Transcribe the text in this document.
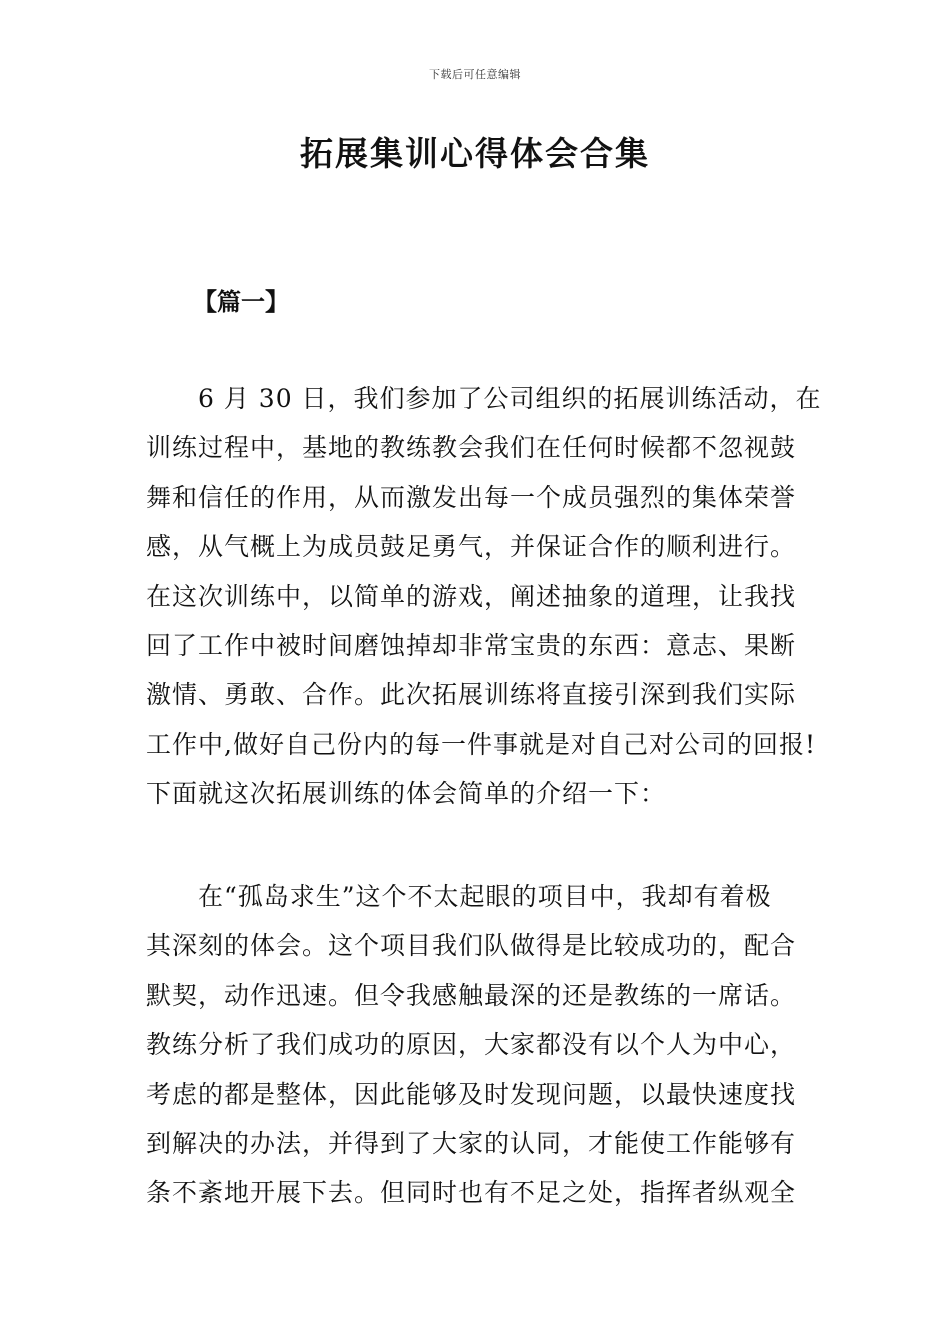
下载后可任意编辑
拓展集训心得体会合集
【篇一】
6 月 30 日，我们参加了公司组织的拓展训练活动，在
训练过程中，基地的教练教会我们在任何时候都不忽视鼓
舞和信任的作用，从而激发出每一个成员强烈的集体荣誉
感，从气概上为成员鼓足勇气，并保证合作的顺利进行。
在这次训练中，以简单的游戏，阐述抽象的道理，让我找
回了工作中被时间磨蚀掉却非常宝贵的东西：意志、果断
激情、勇敢、合作。此次拓展训练将直接引深到我们实际
工作中,做好自己份内的每一件事就是对自己对公司的回报!
下面就这次拓展训练的体会简单的介绍一下：
在“孤岛求生”这个不太起眼的项目中，我却有着极
其深刻的体会。这个项目我们队做得是比较成功的，配合
默契，动作迅速。但令我感触最深的还是教练的一席话。
教练分析了我们成功的原因，大家都没有以个人为中心，
考虑的都是整体，因此能够及时发现问题，以最快速度找
到解决的办法，并得到了大家的认同，才能使工作能够有
条不紊地开展下去。但同时也有不足之处，指挥者纵观全
